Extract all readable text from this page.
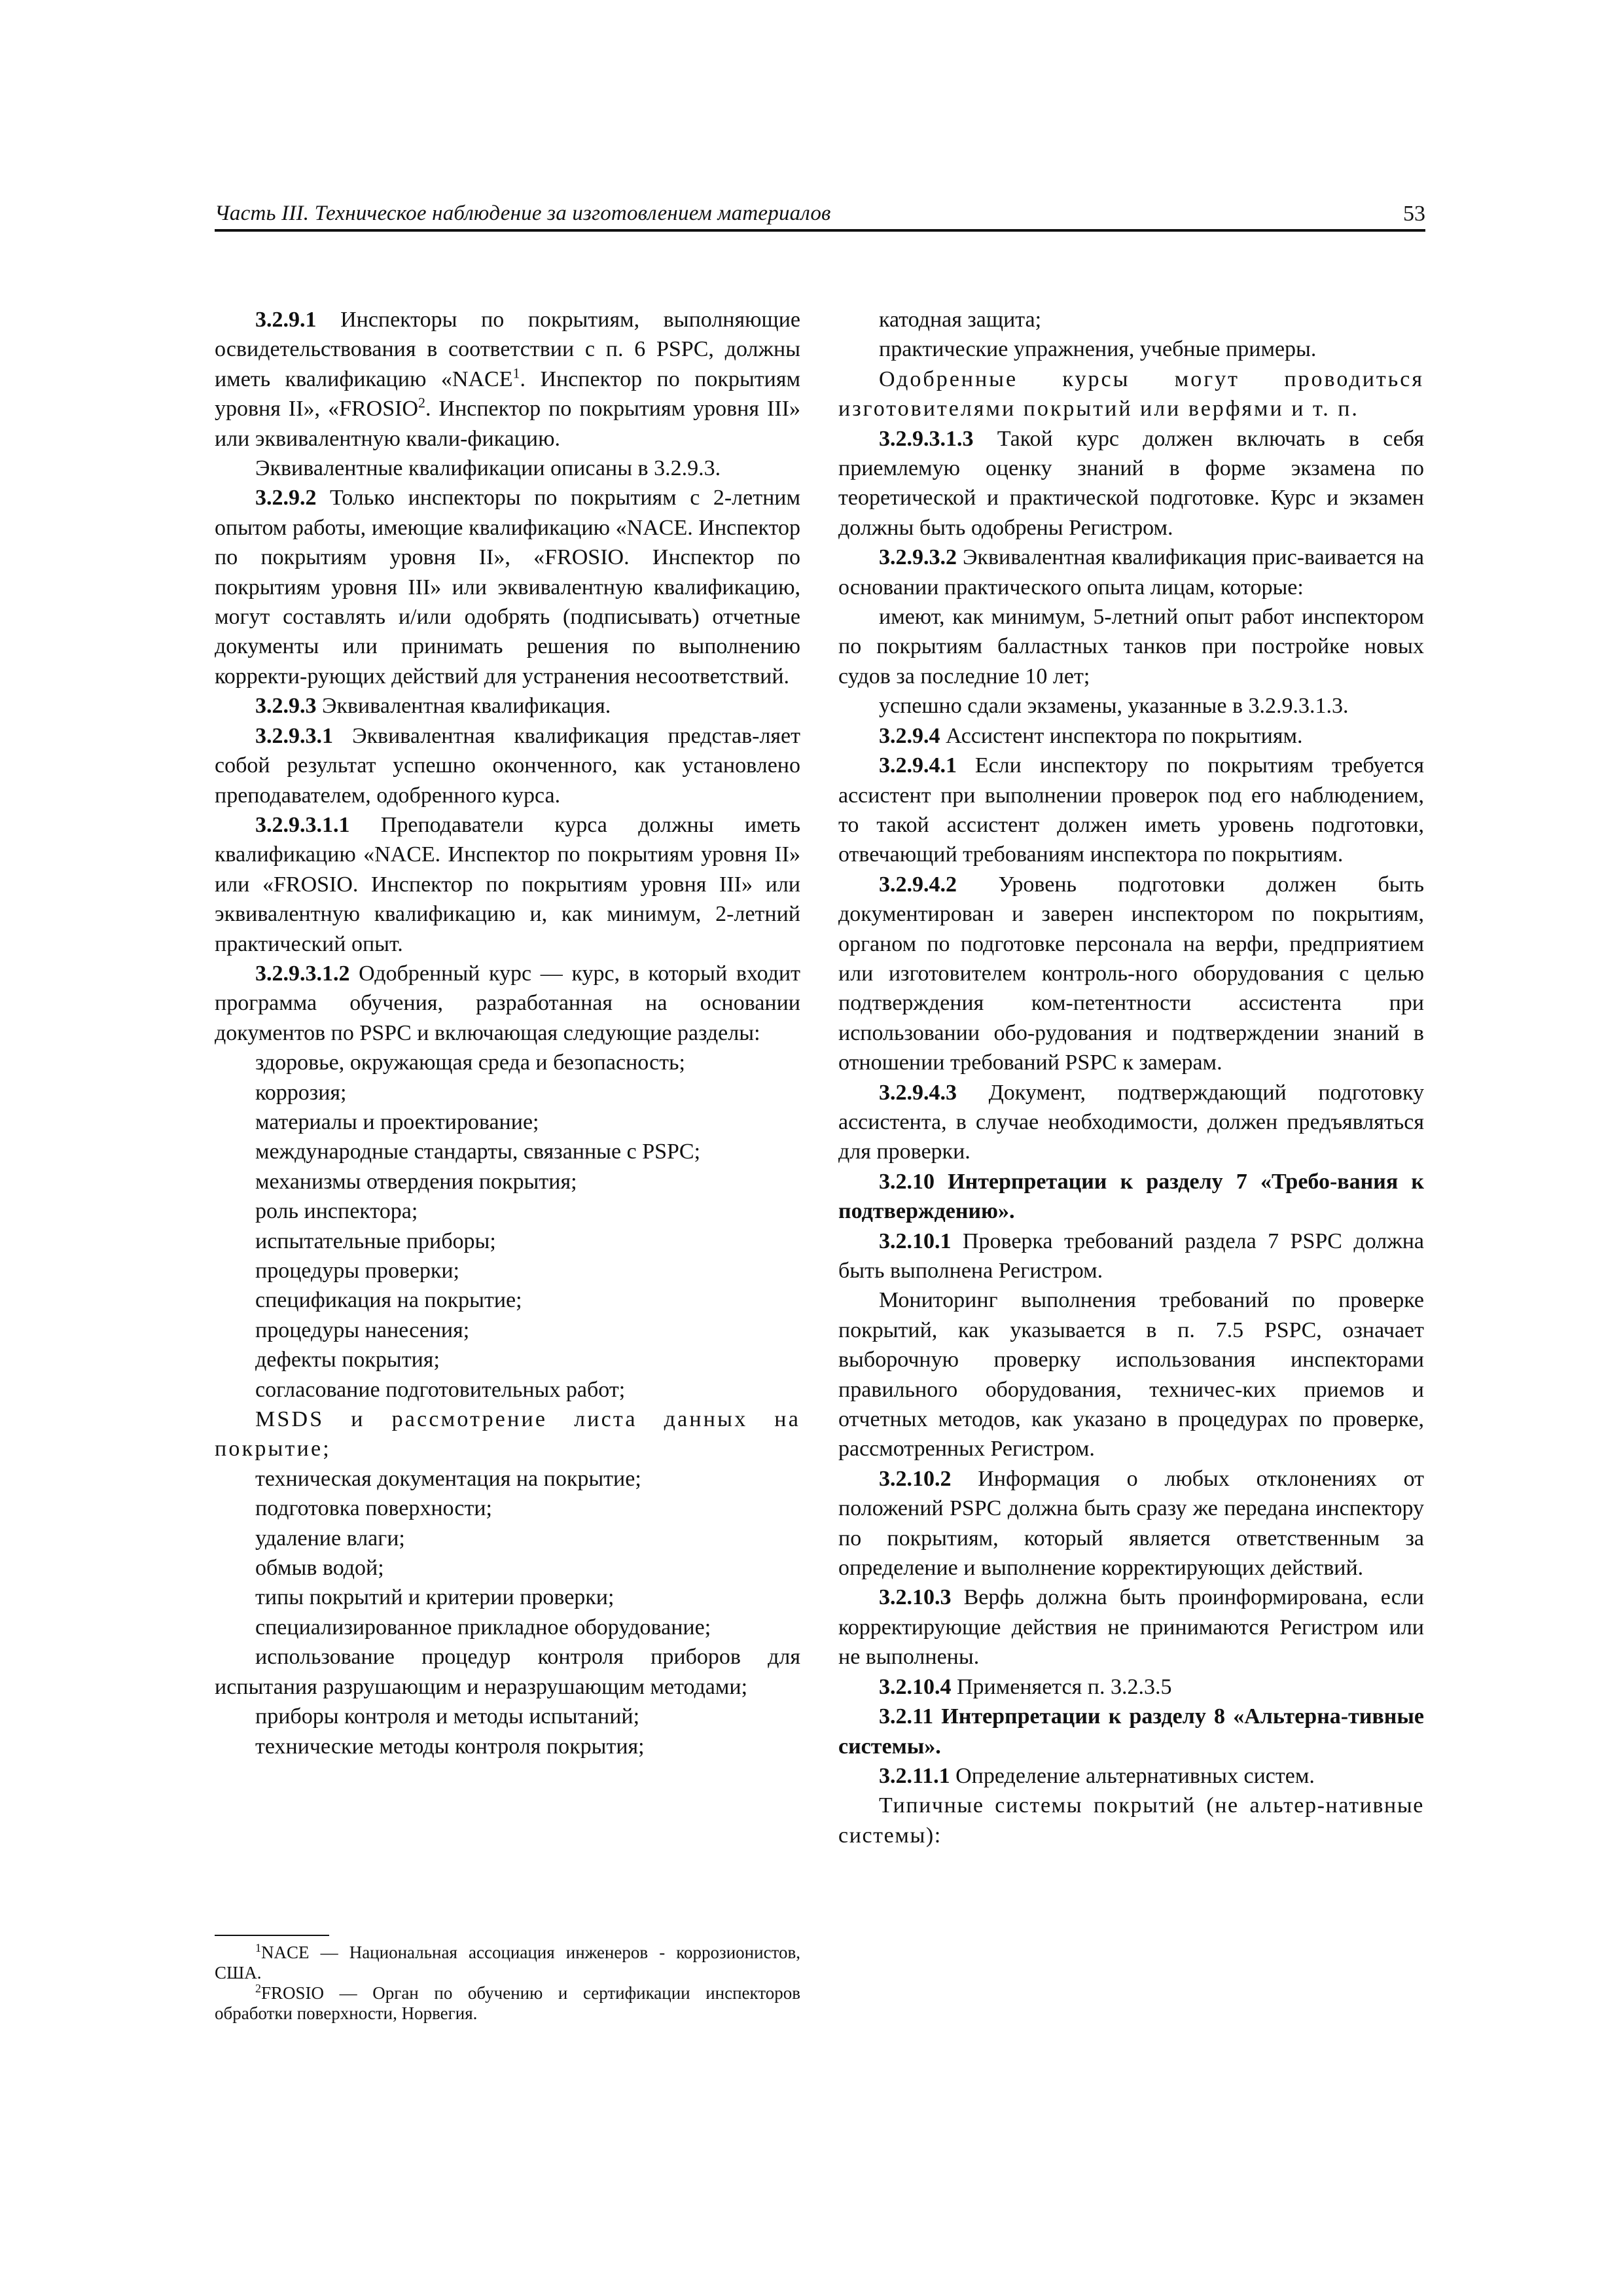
Часть III. Техническое наблюдение за изготовлением материалов	53

3.2.9.1 Инспекторы по покрытиям, выполняющие освидетельствования в соответствии с п. 6 PSPC, должны иметь квалификацию «NACE$^1$. Инспектор по покрытиям уровня II», «FROSIO$^2$. Инспектор по покрытиям уровня III» или эквивалентную квали-фикацию.

Эквивалентные квалификации описаны в 3.2.9.3.

3.2.9.2 Только инспекторы по покрытиям с 2-летним опытом работы, имеющие квалификацию «NACE. Инспектор по покрытиям уровня II», «FROSIO. Инспектор по покрытиям уровня III» или эквивалентную квалификацию, могут составлять и/или одобрять (подписывать) отчетные документы или принимать решения по выполнению корректи-рующих действий для устранения несоответствий.

3.2.9.3 Эквивалентная квалификация.

3.2.9.3.1 Эквивалентная квалификация представ-ляет собой результат успешно оконченного, как установлено преподавателем, одобренного курса.

3.2.9.3.1.1 Преподаватели курса должны иметь квалификацию «NACE. Инспектор по покрытиям уровня II» или «FROSIO. Инспектор по покрытиям уровня III» или эквивалентную квалификацию и, как минимум, 2-летний практический опыт.

3.2.9.3.1.2 Одобренный курс — курс, в который входит программа обучения, разработанная на основании документов по PSPC и включающая следующие разделы:

здоровье, окружающая среда и безопасность;

коррозия;

материалы и проектирование;

международные стандарты, связанные с PSPC;

механизмы отвердения покрытия;

роль инспектора;

испытательные приборы;

процедуры проверки;

спецификация на покрытие;

процедуры нанесения;

дефекты покрытия;

согласование подготовительных работ;

MSDS и рассмотрение листа данных на покрытие;

техническая документация на покрытие;

подготовка поверхности;

удаление влаги;

обмыв водой;

типы покрытий и критерии проверки;

специализированное прикладное оборудование;

использование процедур контроля приборов для испытания разрушающим и неразрушающим методами;

приборы контроля и методы испытаний;

технические методы контроля покрытия;

$^1$NACE — Национальная ассоциация инженеров - коррозионистов, США.

$^2$FROSIO — Орган по обучению и сертификации инспекторов обработки поверхности, Норвегия.

катодная защита;

практические упражнения, учебные примеры.

Одобренные курсы могут проводиться изготовителями покрытий или верфями и т. п.

3.2.9.3.1.3 Такой курс должен включать в себя приемлемую оценку знаний в форме экзамена по теоретической и практической подготовке. Курс и экзамен должны быть одобрены Регистром.

3.2.9.3.2 Эквивалентная квалификация прис-ваивается на основании практического опыта лицам, которые:

имеют, как минимум, 5-летний опыт работ инспектором по покрытиям балластных танков при постройке новых судов за последние 10 лет;

успешно сдали экзамены, указанные в 3.2.9.3.1.3.

3.2.9.4 Ассистент инспектора по покрытиям.

3.2.9.4.1 Если инспектору по покрытиям требуется ассистент при выполнении проверок под его наблюдением, то такой ассистент должен иметь уровень подготовки, отвечающий требованиям инспектора по покрытиям.

3.2.9.4.2 Уровень подготовки должен быть документирован и заверен инспектором по покрытиям, органом по подготовке персонала на верфи, предприятием или изготовителем контроль-ного оборудования с целью подтверждения ком-петентности ассистента при использовании обо-рудования и подтверждении знаний в отношении требований PSPC к замерам.

3.2.9.4.3 Документ, подтверждающий подготовку ассистента, в случае необходимости, должен предъявляться для проверки.

3.2.10 Интерпретации к разделу 7 «Требо-вания к подтверждению».

3.2.10.1 Проверка требований раздела 7 PSPC должна быть выполнена Регистром.

Мониторинг выполнения требований по проверке покрытий, как указывается в п. 7.5 PSPC, означает выборочную проверку использования инспекторами правильного оборудования, техничес-ких приемов и отчетных методов, как указано в процедурах по проверке, рассмотренных Регистром.

3.2.10.2 Информация о любых отклонениях от положений PSPC должна быть сразу же передана инспектору по покрытиям, который является ответственным за определение и выполнение корректирующих действий.

3.2.10.3 Верфь должна быть проинформирована, если корректирующие действия не принимаются Регистром или не выполнены.

3.2.10.4 Применяется п. 3.2.3.5

3.2.11 Интерпретации к разделу 8 «Альтерна-тивные системы».

3.2.11.1 Определение альтернативных систем.

Типичные системы покрытий (не альтер-нативные системы):
